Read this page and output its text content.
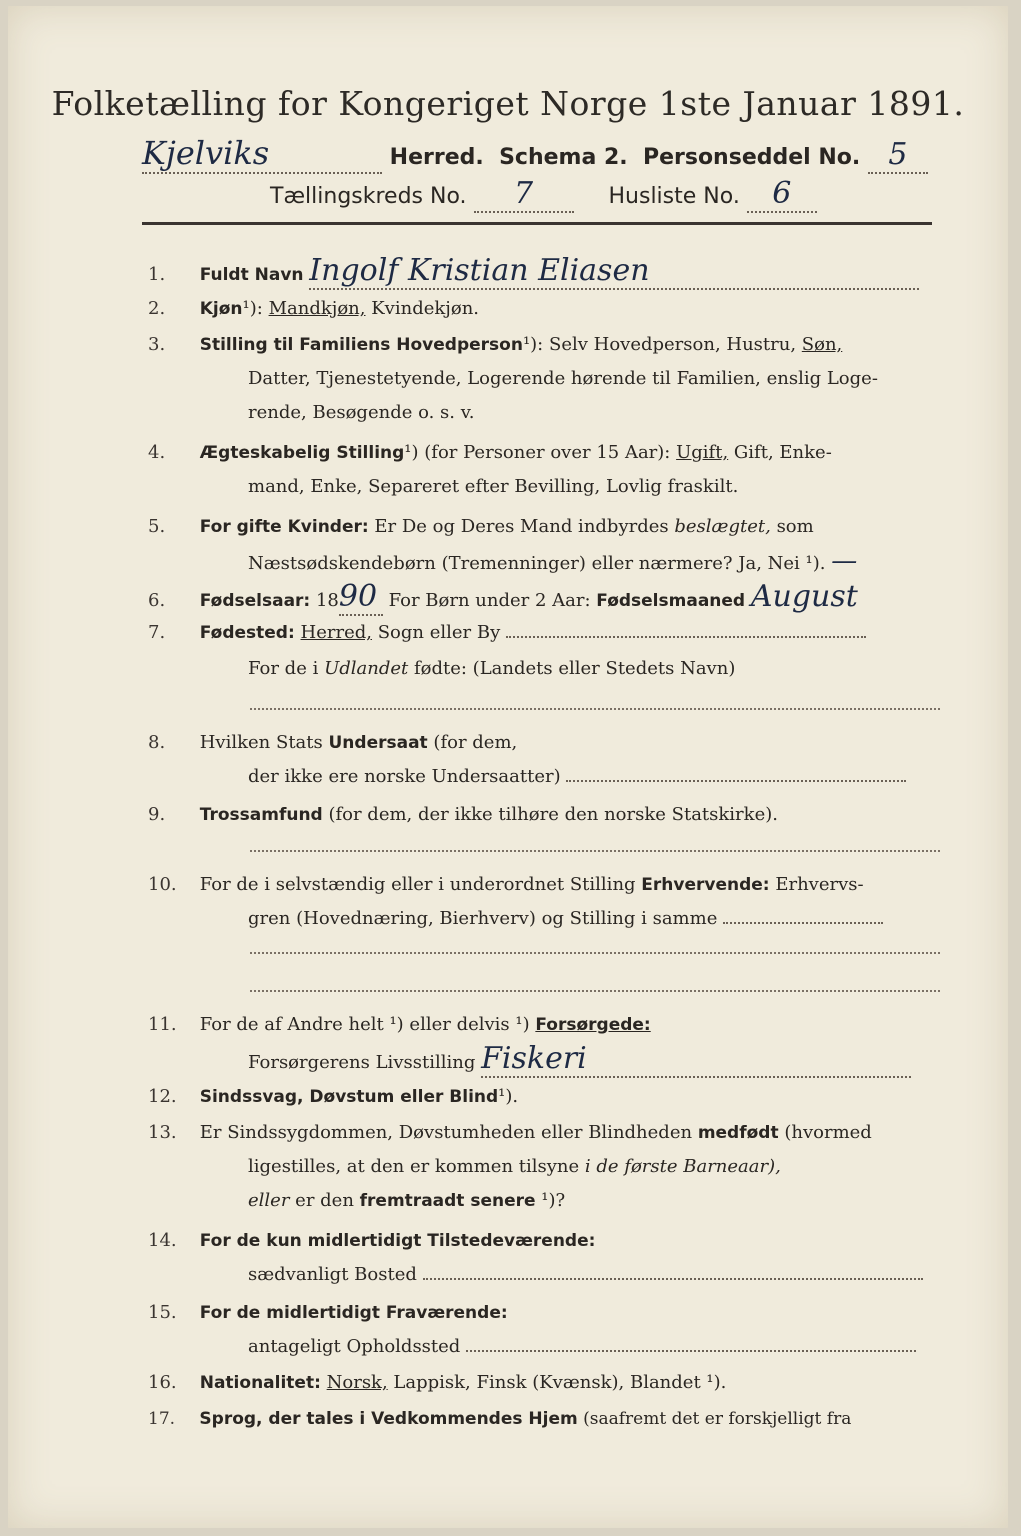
Folketælling for Kongeriget Norge 1ste Januar 1891.
Kjelviks	Herred. Schema 2. Personseddel No. 5
Tællingskreds No. 7	Husliste No. 6
1. Fuldt Navn Ingolf Kristian Eliasen
2. Kjøn¹): Mandkjøn, Kvindekjøn.
3. Stilling til Familiens Hovedperson¹): Selv Hovedperson, Hustru, Søn,
Datter, Tjenestetyende, Logerende hørende til Familien, enslig Loge-
rende, Besøgende o. s. v.
4. Ægteskabelig Stilling¹) (for Personer over 15 Aar): Ugift, Gift, Enke-
mand, Enke, Separeret efter Bevilling, Lovlig fraskilt.
5. For gifte Kvinder: Er De og Deres Mand indbyrdes beslægtet, som
Næstsødskendebørn (Tremenninger) eller nærmere? Ja, Nei ¹). —
6. Fødselsaar: 1890 For Børn under 2 Aar: Fødselsmaaned August
7. Fødested: Herred, Sogn eller By
For de i Udlandet fødte: (Landets eller Stedets Navn)
8. Hvilken Stats Undersaat (for dem,
der ikke ere norske Undersaatter)
9. Trossamfund (for dem, der ikke tilhøre den norske Statskirke).
10. For de i selvstændig eller i underordnet Stilling Erhvervende: Erhvervs-
gren (Hovednæring, Bierhverv) og Stilling i samme
11. For de af Andre helt ¹) eller delvis ¹) Forsørgede:
Forsørgerens Livsstilling Fiskeri
12. Sindssvag, Døvstum eller Blind¹).
13. Er Sindssygdommen, Døvstumheden eller Blindheden medfødt (hvormed
ligestilles, at den er kommen tilsyne i de første Barneaar),
eller er den fremtraadt senere ¹)?
14. For de kun midlertidigt Tilstedeværende:
sædvanligt Bosted
15. For de midlertidigt Fraværende:
antageligt Opholdssted
16. Nationalitet: Norsk, Lappisk, Finsk (Kvænsk), Blandet ¹).
17. Sprog, der tales i Vedkommendes Hjem (saafremt det er forskjelligt fra
